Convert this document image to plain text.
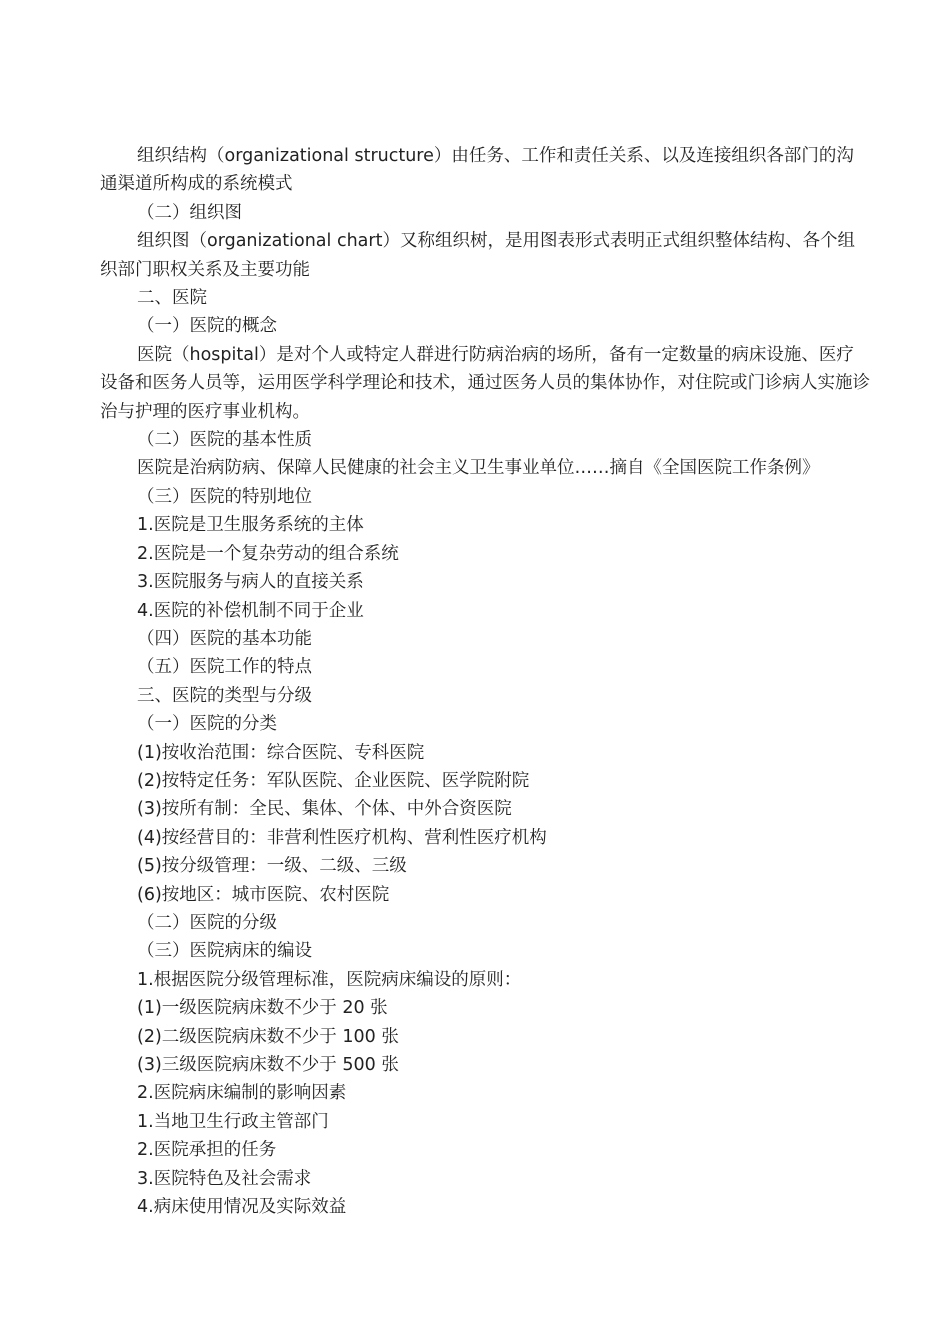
组织结构（organizational structure）由任务、工作和责任关系、以及连接组织各部门的沟通渠道所构成的系统模式

（二）组织图

组织图（organizational chart）又称组织树，是用图表形式表明正式组织整体结构、各个组织部门职权关系及主要功能

二、医院

（一）医院的概念

医院（hospital）是对个人或特定人群进行防病治病的场所，备有一定数量的病床设施、医疗设备和医务人员等，运用医学科学理论和技术，通过医务人员的集体协作，对住院或门诊病人实施诊治与护理的医疗事业机构。

（二）医院的基本性质

医院是治病防病、保障人民健康的社会主义卫生事业单位……摘自《全国医院工作条例》

（三）医院的特别地位

1.医院是卫生服务系统的主体

2.医院是一个复杂劳动的组合系统

3.医院服务与病人的直接关系

4.医院的补偿机制不同于企业

（四）医院的基本功能

（五）医院工作的特点

三、医院的类型与分级

（一）医院的分类

(1)按收治范围：综合医院、专科医院

(2)按特定任务：军队医院、企业医院、医学院附院

(3)按所有制：全民、集体、个体、中外合资医院

(4)按经营目的：非营利性医疗机构、营利性医疗机构

(5)按分级管理：一级、二级、三级

(6)按地区：城市医院、农村医院

（二）医院的分级

（三）医院病床的编设

1.根据医院分级管理标准，医院病床编设的原则：

(1)一级医院病床数不少于 20 张

(2)二级医院病床数不少于 100 张

(3)三级医院病床数不少于 500 张

2.医院病床编制的影响因素

1.当地卫生行政主管部门

2.医院承担的任务

3.医院特色及社会需求

4.病床使用情况及实际效益
